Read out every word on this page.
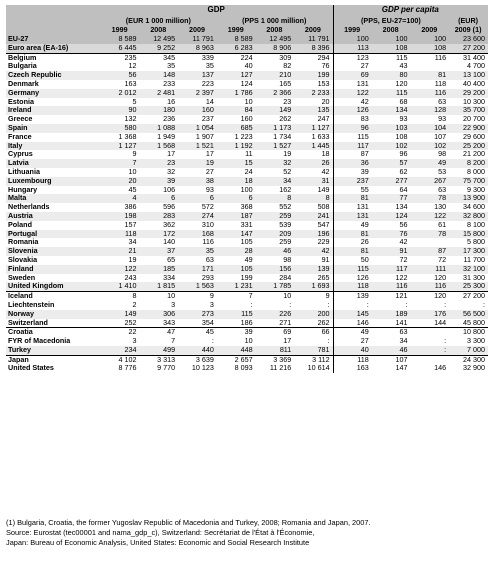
	GDP						GDP per capita			
	(EUR 1 000 million)			(PPS 1 000 million)			(PPS, EU-27=100)			(EUR)
	1999	2008	2009	1999	2008	2009	1999	2008	2009	2009 (1)
EU-27	8 589	12 495	11 791	8 589	12 495	11 791	100	100	100	23 600
Euro area (EA-16)	6 445	9 252	8 963	6 283	8 906	8 396	113	108	108	27 200
Belgium	235	345	339	224	309	294	123	115	116	31 400
Bulgaria	12	35	35	40	82	76	27	43		4 700
Czech Republic	56	148	137	127	210	199	69	80	81	13 100
Denmark	163	233	223	124	165	153	131	120	118	40 400
Germany	2 012	2 481	2 397	1 786	2 366	2 233	122	115	116	29 200
Estonia	5	16	14	10	23	20	42	68	63	10 300
Ireland	90	180	160	84	149	135	126	134	128	35 700
Greece	132	236	237	160	262	247	83	93	93	20 700
Spain	580	1 088	1 054	685	1 173	1 127	96	103	104	22 900
France	1 368	1 949	1 907	1 223	1 734	1 633	115	108	107	29 600
Italy	1 127	1 568	1 521	1 192	1 527	1 445	117	102	102	25 200
Cyprus	9	17	17	11	19	18	87	96	98	21 200
Latvia	7	23	19	15	32	26	36	57	49	8 200
Lithuania	10	32	27	24	52	42	39	62	53	8 000
Luxembourg	20	39	38	18	34	31	237	277	267	75 700
Hungary	45	106	93	100	162	149	55	64	63	9 300
Malta	4	6	6	6	8	8	81	77	78	13 900
Netherlands	386	596	572	368	552	508	131	134	130	34 600
Austria	198	283	274	187	259	241	131	124	122	32 800
Poland	157	362	310	331	539	547	49	56	61	8 100
Portugal	118	172	168	147	209	196	81	76	78	15 800
Romania	34	140	116	105	259	229	26	42		5 800
Slovenia	21	37	35	28	46	42	81	91	87	17 300
Slovakia	19	65	63	49	98	91	50	72	72	11 700
Finland	122	185	171	105	156	139	115	117	111	32 100
Sweden	243	334	293	199	284	265	126	122	120	31 300
United Kingdom	1 410	1 815	1 563	1 231	1 785	1 693	118	116	116	25 300
Iceland	8	10	9	7	10	9	139	121	120	27 200
Liechtenstein	2	3	3	:	:	:	:	:	:	:
Norway	149	306	273	115	226	200	145	189	176	56 500
Switzerland	252	343	354	186	271	262	146	141	144	45 800
Croatia	22	47	45	39	69	66	49	63		10 800
FYR of Macedonia	3	7	:	10	17	:	27	34	:	3 300
Turkey	234	499	440	448	811	781	40	46	:	7 000
Japan	4 102	3 313	3 639	2 657	3 369	3 112	118	107		24 300
United States	8 776	9 770	10 123	8 093	11 216	10 614	163	147	146	32 900
(1) Bulgaria, Croatia, the former Yugoslav Republic of Macedonia and Turkey, 2008; Romania and Japan, 2007.
Source: Eurostat (tec00001 and nama_gdp_c), Switzerland: Secrétariat de l'État à l'Économie,
Japan: Bureau of Economic Analysis, United States: Economic and Social Research Institute
